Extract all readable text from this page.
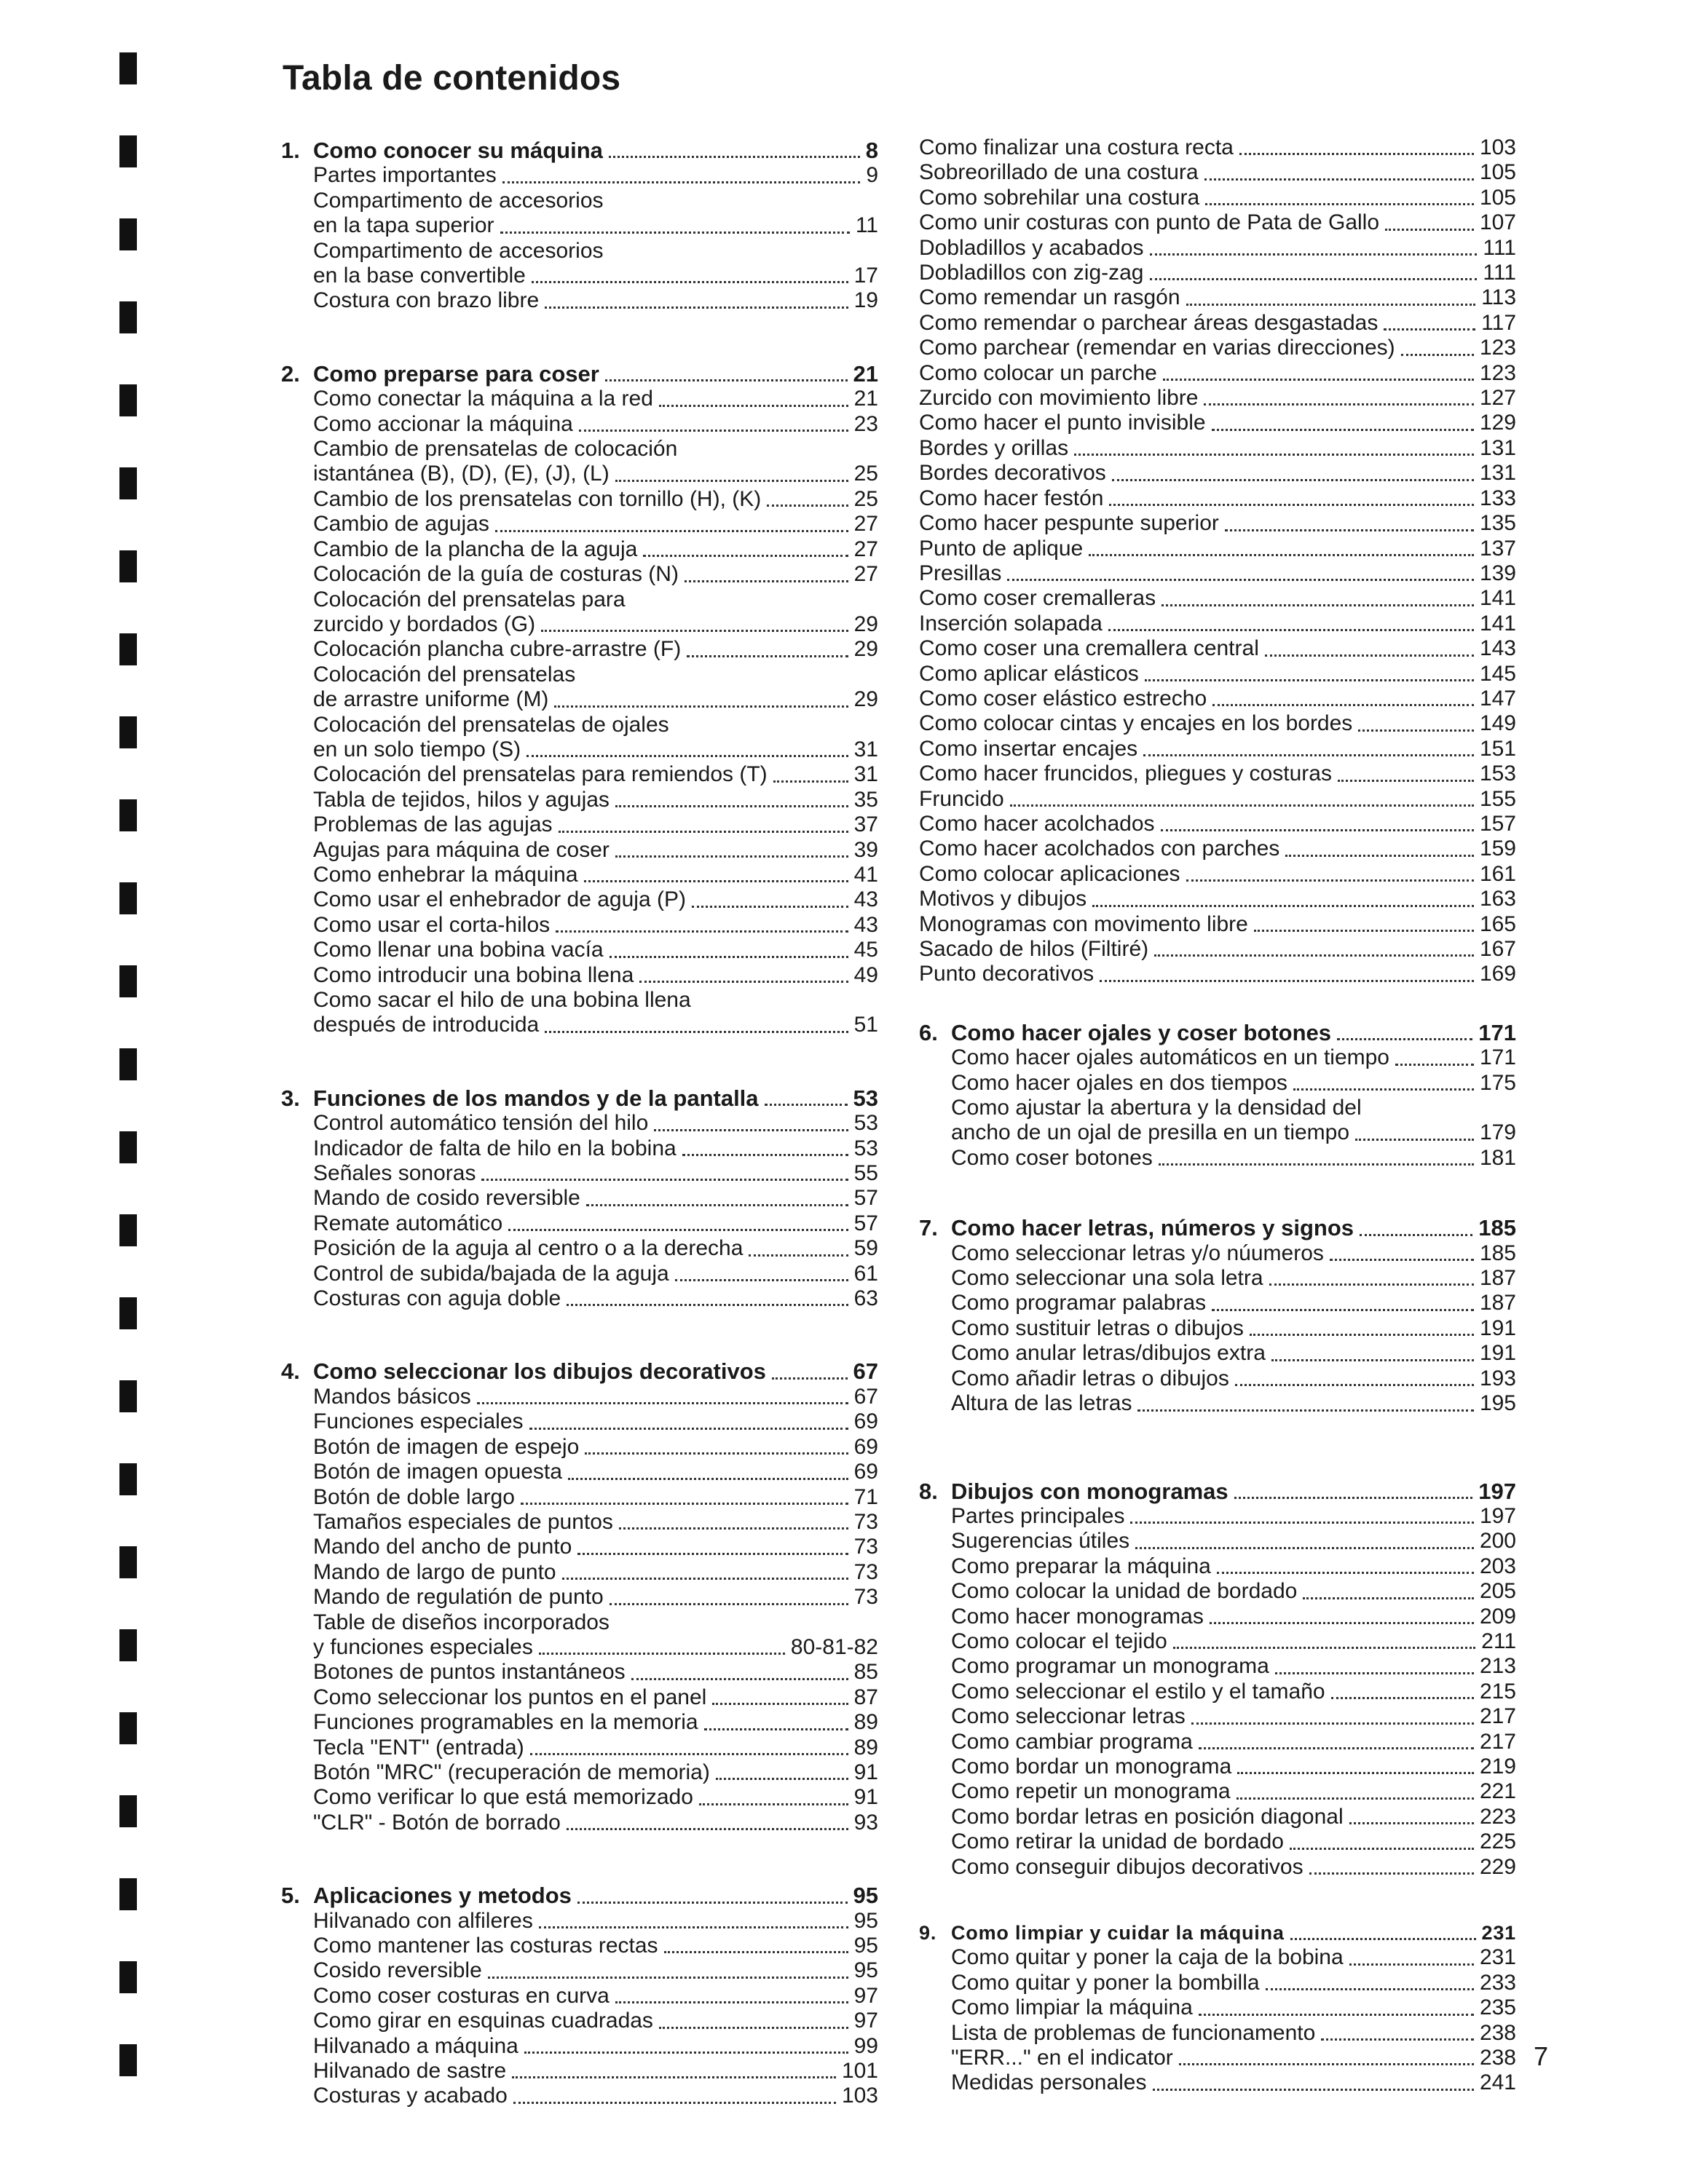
Tabla de contenidos
1. Como conocer su máquina	8
Partes importantes	9
Compartimento de accesorios
en la tapa superior	11
Compartimento de accesorios
en la base convertible	17
Costura con brazo libre	19
2. Como preparse para coser	21
Como conectar la máquina a la red	21
Como accionar la máquina	23
Cambio de prensatelas de colocación
istantánea (B), (D), (E), (J), (L)	25
Cambio de los prensatelas con tornillo (H), (K)	25
Cambio de agujas	27
Cambio de la plancha de la aguja	27
Colocación de la guía de costuras (N)	27
Colocación del prensatelas para
zurcido y bordados (G)	29
Colocación plancha cubre-arrastre (F)	29
Colocación del prensatelas
de arrastre uniforme (M)	29
Colocación del prensatelas de ojales
en un solo tiempo (S)	31
Colocación del prensatelas para remiendos (T)	31
Tabla de tejidos, hilos y agujas	35
Problemas de las agujas	37
Agujas para máquina de coser	39
Como enhebrar la máquina	41
Como usar el enhebrador de aguja (P)	43
Como usar el corta-hilos	43
Como llenar una bobina vacía	45
Como introducir una bobina llena	49
Como sacar el hilo de una bobina llena
después de introducida	51
3. Funciones de los mandos y de la pantalla	53
Control automático tensión del hilo	53
Indicador de falta de hilo en la bobina	53
Señales sonoras	55
Mando de cosido reversible	57
Remate automático	57
Posición de la aguja al centro o a la derecha	59
Control de subida/bajada de la aguja	61
Costuras con aguja doble	63
4. Como seleccionar los dibujos decorativos	67
Mandos básicos	67
Funciones especiales	69
Botón de imagen de espejo	69
Botón de imagen opuesta	69
Botón de doble largo	71
Tamaños especiales de puntos	73
Mando del ancho de punto	73
Mando de largo de punto	73
Mando de regulatión de punto	73
Table de diseños incorporados
y funciones especiales	80-81-82
Botones de puntos instantáneos	85
Como seleccionar los puntos en el panel	87
Funciones programables en la memoria	89
Tecla "ENT" (entrada)	89
Botón "MRC" (recuperación de memoria)	91
Como verificar lo que está memorizado	91
"CLR" - Botón de borrado	93
5. Aplicaciones y metodos	95
Hilvanado con alfileres	95
Como mantener las costuras rectas	95
Cosido reversible	95
Como coser costuras en curva	97
Como girar en esquinas cuadradas	97
Hilvanado a máquina	99
Hilvanado de sastre	101
Costuras y acabado	103
Como finalizar una costura recta	103
Sobreorillado de una costura	105
Como sobrehilar una costura	105
Como unir costuras con punto de Pata de Gallo	107
Dobladillos y acabados	111
Dobladillos con zig-zag	111
Como remendar un rasgón	113
Como remendar o parchear áreas desgastadas	117
Como parchear (remendar en varias direcciones)	123
Como colocar un parche	123
Zurcido con movimiento libre	127
Como hacer el punto invisible	129
Bordes y orillas	131
Bordes decorativos	131
Como hacer festón	133
Como hacer pespunte superior	135
Punto de aplique	137
Presillas	139
Como coser cremalleras	141
Inserción solapada	141
Como coser una cremallera central	143
Como aplicar elásticos	145
Como coser elástico estrecho	147
Como colocar cintas y encajes en los bordes	149
Como insertar encajes	151
Como hacer fruncidos, pliegues y costuras	153
Fruncido	155
Como hacer acolchados	157
Como hacer acolchados con parches	159
Como colocar aplicaciones	161
Motivos y dibujos	163
Monogramas con movimento libre	165
Sacado de hilos (Filtiré)	167
Punto decorativos	169
6. Como hacer ojales y coser botones	171
Como hacer ojales automáticos en un tiempo	171
Como hacer ojales en dos tiempos	175
Como ajustar la abertura y la densidad del
ancho de un ojal de presilla en un tiempo	179
Como coser botones	181
7. Como hacer letras, números y signos	185
Como seleccionar letras y/o núumeros	185
Como seleccionar una sola letra	187
Como programar palabras	187
Como sustituir letras o dibujos	191
Como anular letras/dibujos extra	191
Como añadir letras o dibujos	193
Altura de las letras	195
8. Dibujos con monogramas	197
Partes principales	197
Sugerencias útiles	200
Como preparar la máquina	203
Como colocar la unidad de bordado	205
Como hacer monogramas	209
Como colocar el tejido	211
Como programar un monograma	213
Como seleccionar el estilo y el tamaño	215
Como seleccionar letras	217
Como cambiar programa	217
Como bordar un monograma	219
Como repetir un monograma	221
Como bordar letras en posición diagonal	223
Como retirar la unidad de bordado	225
Como conseguir dibujos decorativos	229
9. Como limpiar y cuidar la máquina	231
Como quitar y poner la caja de la bobina	231
Como quitar y poner la bombilla	233
Como limpiar la máquina	235
Lista de problemas de funcionamento	238
"ERR..." en el indicator	238
Medidas personales	241

7
